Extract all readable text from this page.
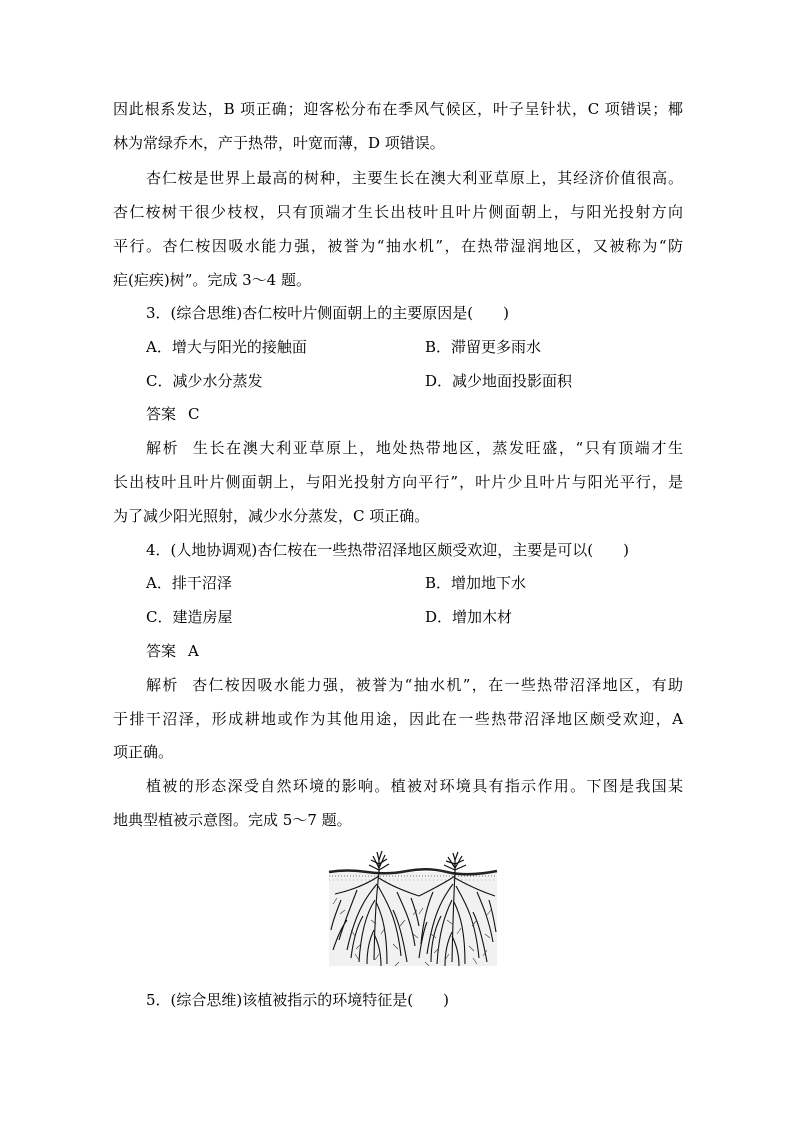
因此根系发达，B 项正确；迎客松分布在季风气候区，叶子呈针状，C 项错误；椰
林为常绿乔木，产于热带，叶宽而薄，D 项错误。
杏仁桉是世界上最高的树种，主要生长在澳大利亚草原上，其经济价值很高。
杏仁桉树干很少枝杈，只有顶端才生长出枝叶且叶片侧面朝上，与阳光投射方向
平行。杏仁桉因吸水能力强，被誉为“抽水机”，在热带湿润地区，又被称为“防
疟(疟疾)树”。完成 3～4 题。
3．(综合思维)杏仁桉叶片侧面朝上的主要原因是(　　)
A．增大与阳光的接触面	B．滞留更多雨水
C．减少水分蒸发	D．减少地面投影面积
答案 C
解析 生长在澳大利亚草原上，地处热带地区，蒸发旺盛，“只有顶端才生
长出枝叶且叶片侧面朝上，与阳光投射方向平行”，叶片少且叶片与阳光平行，是
为了减少阳光照射，减少水分蒸发，C 项正确。
4．(人地协调观)杏仁桉在一些热带沼泽地区颇受欢迎，主要是可以(　　)
A．排干沼泽	B．增加地下水
C．建造房屋	D．增加木材
答案 A
解析 杏仁桉因吸水能力强，被誉为“抽水机”，在一些热带沼泽地区，有助
于排干沼泽，形成耕地或作为其他用途，因此在一些热带沼泽地区颇受欢迎，A
项正确。
植被的形态深受自然环境的影响。植被对环境具有指示作用。下图是我国某
地典型植被示意图。完成 5～7 题。
5．(综合思维)该植被指示的环境特征是(　　)
